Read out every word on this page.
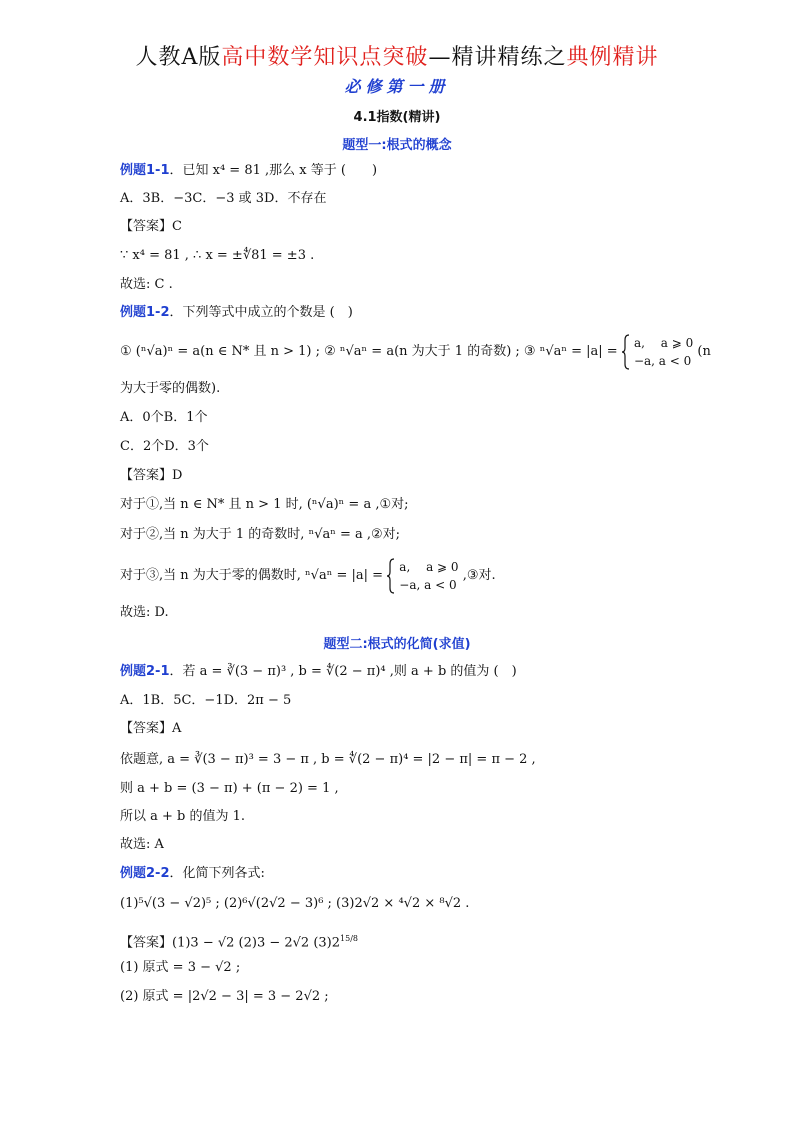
人教A版高中数学知识点突破—精讲精练之典例精讲
必修第一册
4.1指数(精讲)
题型一:根式的概念
例题1-1．已知 x⁴ = 81 ,那么 x 等于 (　　)
A．3B．−3C．−3 或 3D．不存在
【答案】C
∵ x⁴ = 81 , ∴ x = ±∜81 = ±3 .
故选: C .
例题1-2．下列等式中成立的个数是 (　)
① (ⁿ√a)ⁿ = a(n ∈ N* 且 n > 1) ; ② ⁿ√aⁿ = a(n 为大于 1 的奇数) ; ③ ⁿ√aⁿ = |a| =  a,　 a ⩾ 0
−a, a < 0 (n
为大于零的偶数).
A．0个B．1个
C．2个D．3个
【答案】D
对于①,当 n ∈ N* 且 n > 1 时, (ⁿ√a)ⁿ = a ,①对;
对于②,当 n 为大于 1 的奇数时, ⁿ√aⁿ = a ,②对;
对于③,当 n 为大于零的偶数时, ⁿ√aⁿ = |a| =  a,　 a ⩾ 0
−a, a < 0 ,③对.
故选: D.
题型二:根式的化简(求值)
例题2-1．若 a = ∛(3 − π)³ , b = ∜(2 − π)⁴ ,则 a + b 的值为 (　)
A．1B．5C．−1D．2π − 5
【答案】A
依题意, a = ∛(3 − π)³ = 3 − π , b = ∜(2 − π)⁴ = |2 − π| = π − 2 ,
则 a + b = (3 − π) + (π − 2) = 1 ,
所以 a + b 的值为 1.
故选: A
例题2-2．化简下列各式:
(1)⁵√(3 − √2)⁵ ; (2)⁶√(2√2 − 3)⁶ ; (3)2√2 × ⁴√2 × ⁸√2 .
【答案】(1)3 − √2 (2)3 − 2√2 $(3)2^{15/8}$
(1) 原式 = 3 − √2 ;
(2) 原式 = |2√2 − 3| = 3 − 2√2 ;
